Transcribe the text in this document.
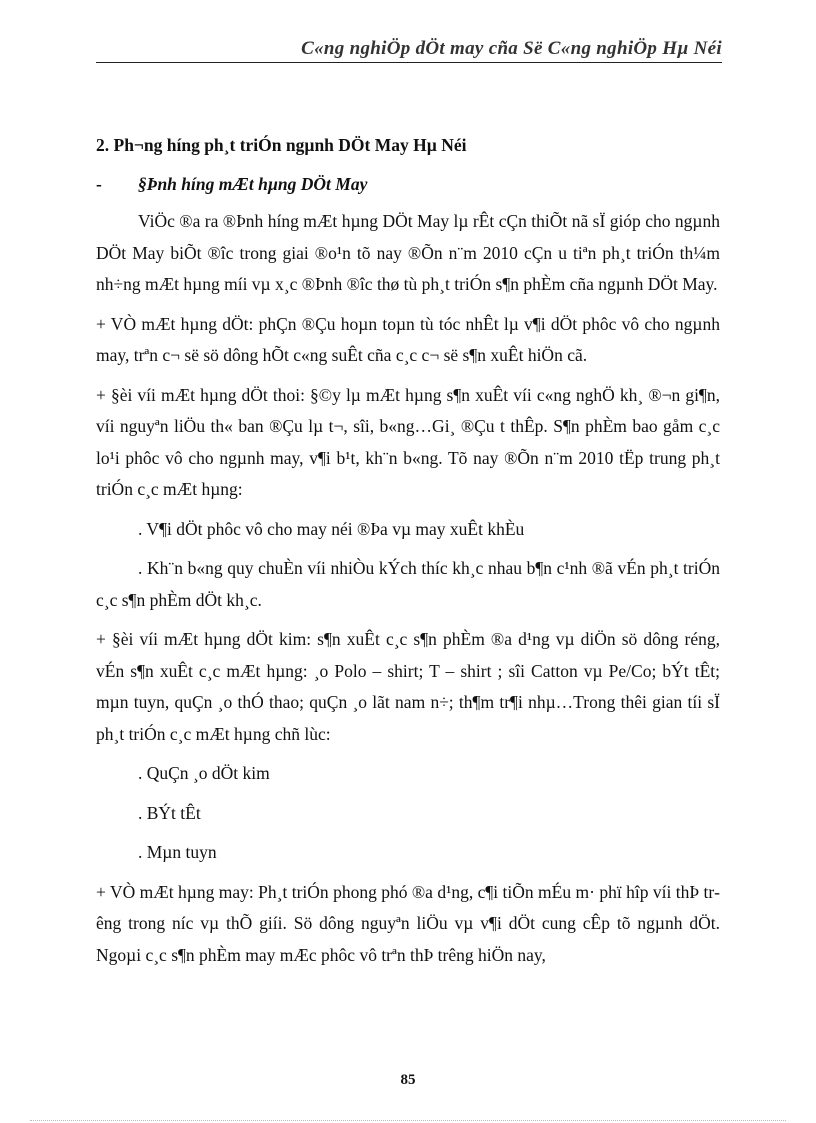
C«ng nghiÖp dÖt may cña Së C«ng nghiÖp Hµ Néi
2. Ph¬ng híng ph¸t triÓn ngµnh DÖt May Hµ Néi
- §Þnh híng mÆt hµng DÖt May

ViÖc ®a ra ®Þnh híng mÆt hµng DÖt May lµ rÊt cÇn thiÕt nã sÏ gióp cho ngµnh DÖt May biÕt ®îc trong giai ®o¹n tõ nay ®Õn n¨m 2010 cÇn u tiªn ph¸t triÓn th¼m nh÷ng mÆt hµng míi vµ x¸c ®Þnh ®îc thø tù ph¸t triÓn s¶n phÈm cña ngµnh DÖt May.

+ VÒ mÆt hµng dÖt: phÇn ®Çu hoµn toµn tù tóc nhÊt lµ v¶i dÖt phôc vô cho ngµnh may, trªn c¬ së sö dông hÕt c«ng suÊt cña c¸c c¬ së s¶n xuÊt hiÖn cã.

+ §èi víi mÆt hµng dÖt thoi: §©y lµ mÆt hµng s¶n xuÊt víi c«ng nghÖ kh¸ ®¬n gi¶n, víi nguyªn liÖu th« ban ®Çu lµ t¬, sîi, b«ng…Gi¸ ®Çu t thÊp. S¶n phÈm bao gåm c¸c lo¹i phôc vô cho ngµnh may, v¶i b¹t, kh¨n b«ng. Tõ nay ®Õn n¨m 2010 tËp trung ph¸t triÓn c¸c mÆt hµng:

. V¶i dÖt phôc vô cho may néi ®Þa vµ may xuÊt khÈu

. Kh¨n b«ng quy chuÈn víi nhiÒu kÝch thíc kh¸c nhau b¶n c¹nh ®ã vÉn ph¸t triÓn c¸c s¶n phÈm dÖt kh¸c.

+ §èi víi mÆt hµng dÖt kim: s¶n xuÊt c¸c s¶n phÈm ®a d¹ng vµ diÖn sö dông réng, vÉn s¶n xuÊt c¸c mÆt hµng: ¸o Polo – shirt; T – shirt ; sîi Catton vµ Pe/Co; bÝt tÊt; mµn tuyn, quÇn ¸o thÓ thao; quÇn ¸o lãt nam n÷; th¶m tr¶i nhµ…Trong thêi gian tíi sÏ ph¸t triÓn c¸c mÆt hµng chñ lùc:

. QuÇn ¸o dÖt kim
. BÝt tÊt
. Mµn tuyn

+ VÒ mÆt hµng may: Ph¸t triÓn phong phó ®a d¹ng, c¶i tiÕn mÉu m· phï hîp víi thÞ trêng trong níc vµ thÕ giíi. Sö dông nguyªn liÖu vµ v¶i dÖt cung cÊp tõ ngµnh dÖt. Ngoµi c¸c s¶n phÈm may mÆc phôc vô trªn thÞ trêng hiÖn nay,

85
